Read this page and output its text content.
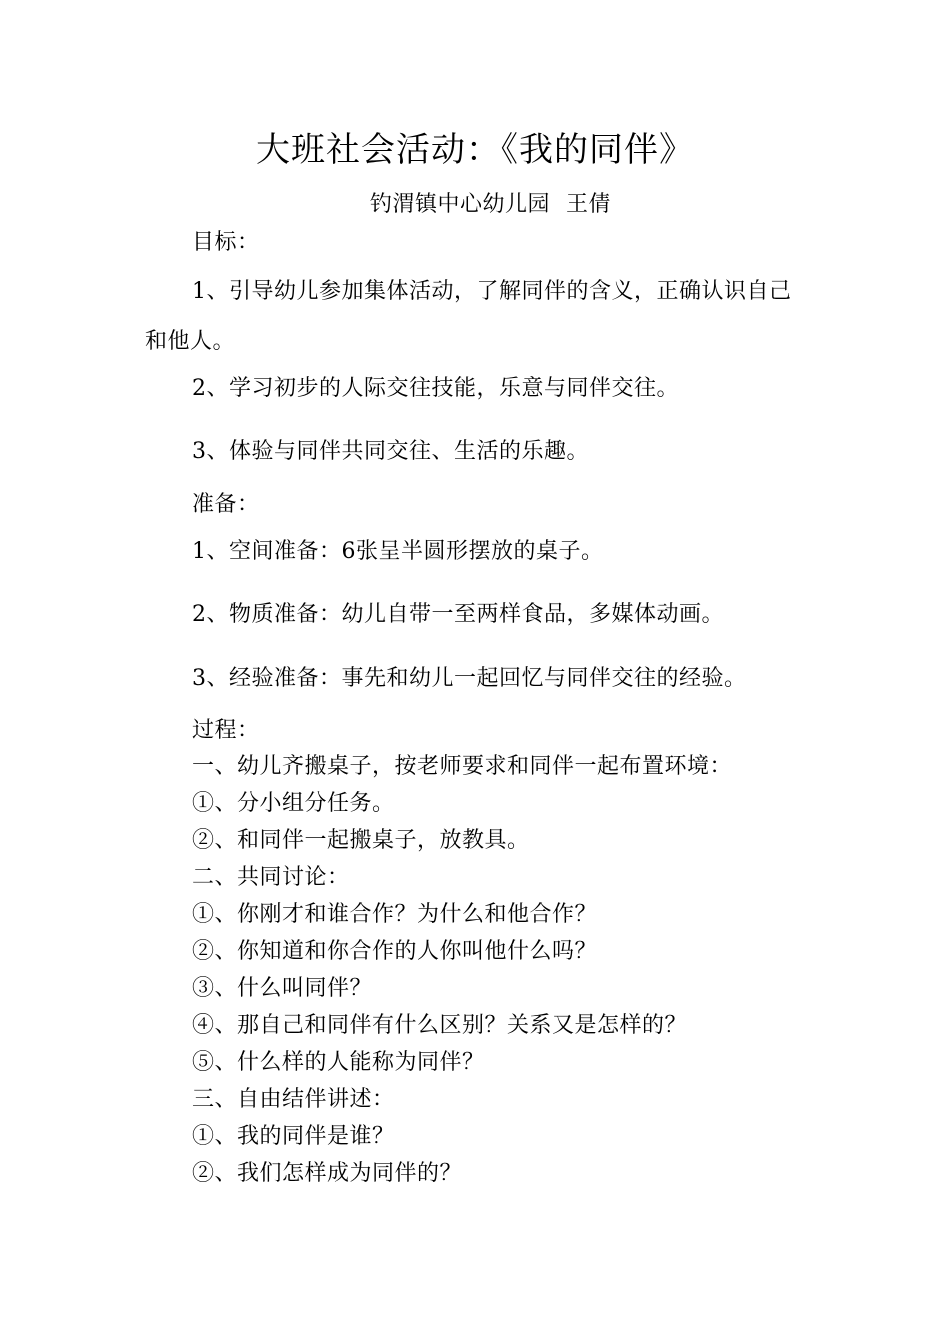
大班社会活动：《我的同伴》
钓渭镇中心幼儿园 王倩
目标：
1、引导幼儿参加集体活动，了解同伴的含义，正确认识自己
和他人。
2、学习初步的人际交往技能，乐意与同伴交往。
3、体验与同伴共同交往、生活的乐趣。
准备：
1、空间准备：6张呈半圆形摆放的桌子。
2、物质准备：幼儿自带一至两样食品，多媒体动画。
3、经验准备：事先和幼儿一起回忆与同伴交往的经验。
过程：
一、幼儿齐搬桌子，按老师要求和同伴一起布置环境：
①、分小组分任务。
②、和同伴一起搬桌子，放教具。
二、共同讨论：
①、你刚才和谁合作？为什么和他合作？
②、你知道和你合作的人你叫他什么吗？
③、什么叫同伴？
④、那自己和同伴有什么区别？关系又是怎样的？
⑤、什么样的人能称为同伴？
三、自由结伴讲述：
①、我的同伴是谁？
②、我们怎样成为同伴的？
